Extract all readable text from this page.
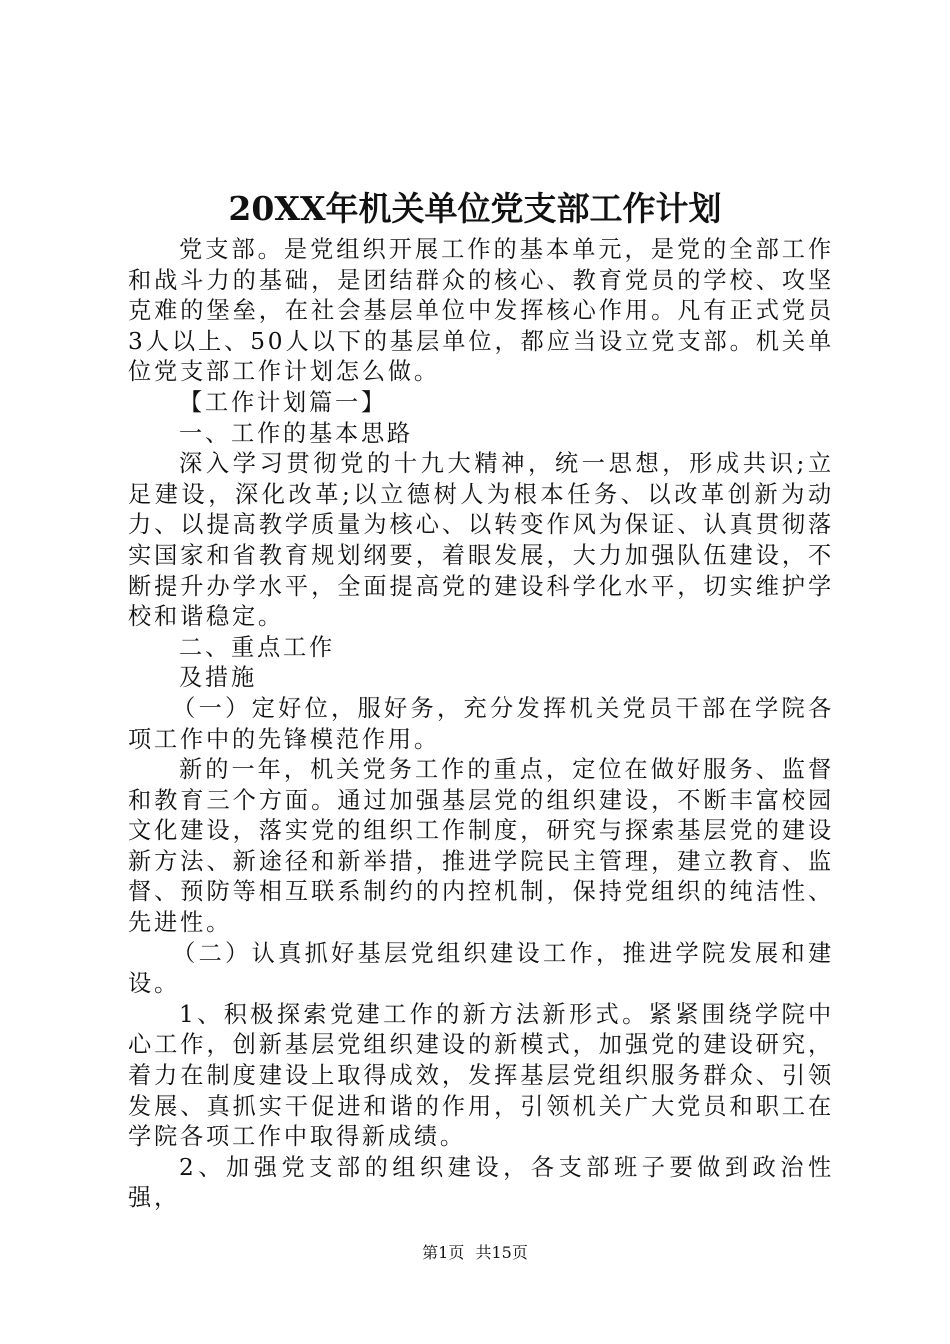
20XX年机关单位党支部工作计划

党支部。是党组织开展工作的基本单元，是党的全部工作和战斗力的基础，是团结群众的核心、教育党员的学校、攻坚克难的堡垒，在社会基层单位中发挥核心作用。凡有正式党员3人以上、50人以下的基层单位，都应当设立党支部。机关单位党支部工作计划怎么做。

【工作计划篇一】

一、工作的基本思路

深入学习贯彻党的十九大精神，统一思想，形成共识;立足建设，深化改革;以立德树人为根本任务、以改革创新为动力、以提高教学质量为核心、以转变作风为保证、认真贯彻落实国家和省教育规划纲要，着眼发展，大力加强队伍建设，不断提升办学水平，全面提高党的建设科学化水平，切实维护学校和谐稳定。

二、重点工作

及措施

（一）定好位，服好务，充分发挥机关党员干部在学院各项工作中的先锋模范作用。

新的一年，机关党务工作的重点，定位在做好服务、监督和教育三个方面。通过加强基层党的组织建设，不断丰富校园文化建设，落实党的组织工作制度，研究与探索基层党的建设新方法、新途径和新举措，推进学院民主管理，建立教育、监督、预防等相互联系制约的内控机制，保持党组织的纯洁性、先进性。

（二）认真抓好基层党组织建设工作，推进学院发展和建设。

1、积极探索党建工作的新方法新形式。紧紧围绕学院中心工作，创新基层党组织建设的新模式，加强党的建设研究，着力在制度建设上取得成效，发挥基层党组织服务群众、引领发展、真抓实干促进和谐的作用，引领机关广大党员和职工在学院各项工作中取得新成绩。

2、加强党支部的组织建设，各支部班子要做到政治性强，

第1页 共15页
